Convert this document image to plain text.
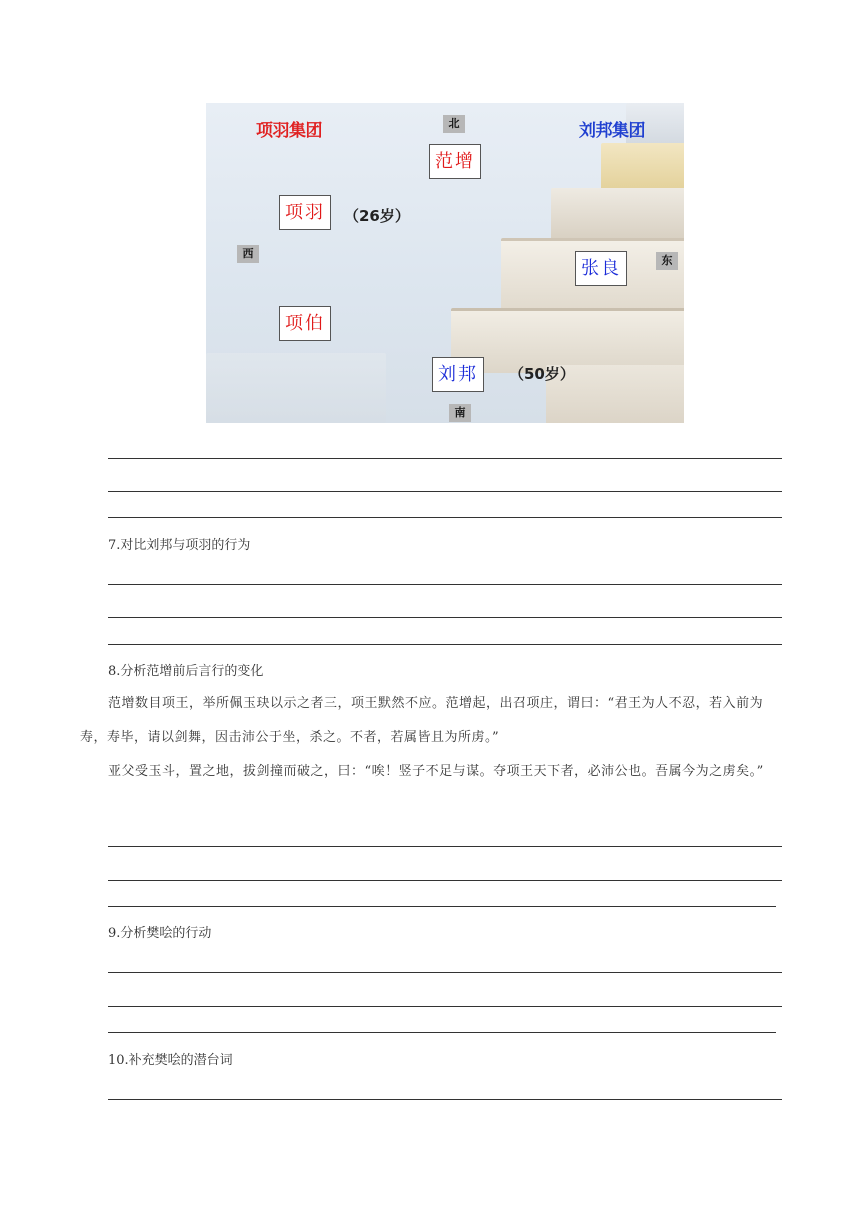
项羽集团	刘邦集团
北
西
东
南
范增
项羽
项伯
张良
刘邦
（26岁）
（50岁）
7.对比刘邦与项羽的行为
8.分析范增前后言行的变化
范增数目项王，举所佩玉玦以示之者三，项王默然不应。范增起，出召项庄，谓曰：“君王为人不忍，若入前为寿，寿毕，请以剑舞，因击沛公于坐，杀之。不者，若属皆且为所虏。”
亚父受玉斗，置之地，拔剑撞而破之，曰：“唉！竖子不足与谋。夺项王天下者，必沛公也。吾属今为之虏矣。”
9.分析樊哙的行动
10.补充樊哙的潜台词
